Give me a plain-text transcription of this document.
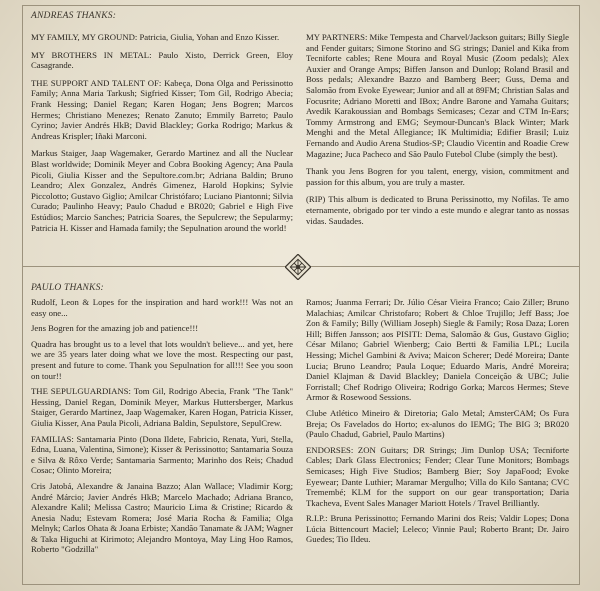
ANDREAS THANKS:

MY FAMILY, MY GROUND: Patricia, Giulia, Yohan and Enzo Kisser.

MY BROTHERS IN METAL: Paulo Xisto, Derrick Green, Eloy Casagrande.

THE SUPPORT AND TALENT OF: Kabeça, Dona Olga and Perissinotto Family; Anna Maria Tarkush; Sigfried Kisser; Tom Gil, Rodrigo Abecia; Frank Hessing; Daniel Regan; Karen Hogan; Jens Bogren; Marcos Hermes; Christiano Menezes; Renato Zanuto; Emmily Barreto; Paulo Cyrino; Javier Andrés HkB; David Blackley; Gorka Rodrigo; Markus & Andreas Krispler; Iñaki Marconi.

Markus Staiger, Jaap Wagemaker, Gerardo Martinez and all the Nuclear Blast worldwide; Dominik Meyer and Cobra Booking Agency; Ana Paula Picoli, Giulia Kisser and the Sepultore.com.br; Adriana Baldin; Bruno Leandro; Alex Gonzalez, Andrés Gimenez, Harold Hopkins; Sylvie Piccolotto; Gustavo Giglio; Amilcar Christófaro; Luciano Piantonni; Silvia Curado; Paulinho Heavy; Paulo Chadud e BR020; Gabriel e High Five Estúdios; Marcio Sanches; Patricia Soares, the Sepulcrew; the Sepularmy; Patricia H. Kisser and Hamada family; the Sepulnation around the world!

MY PARTNERS: Mike Tempesta and Charvel/Jackson guitars; Billy Siegle and Fender guitars; Simone Storino and SG strings; Daniel and Kika from Tecniforte cables; Rene Moura and Royal Music (Zoom pedals); Alex Auxier and Orange Amps; Biffen Janson and Dunlop; Roland Brasil and Boss pedals; Alexandre Bazzo and Bamberg Beer; Guss, Dema and Salomão from Evoke Eyewear; Junior and all at 89FM; Christian Salas and Focusrite; Adriano Moretti and IBox; Andre Barone and Yamaha Guitars; Avedik Karakoussian and Bombags Semicases; Cezar and CTM In-Ears; Tommy Armstrong and EMG; Seymour-Duncan's Black Winter; Mark Menghi and the Metal Allegiance; IK Multimidia; Edifier Brasil; Luiz Fernando and Audio Arena Studios-SP; Claudio Vicentin and Roadie Crew Magazine; Juca Pacheco and São Paulo Futebol Clube (simply the best).

Thank you Jens Bogren for you talent, energy, vision, commitment and passion for this album, you are truly a master.

(RIP) This album is dedicated to Bruna Perissinotto, my Nofilas. Te amo eternamente, obrigado por ter vindo a este mundo e alegrar tanto as nossas vidas. Saudades.

PAULO THANKS:

Rudolf, Leon & Lopes for the inspiration and hard work!!! Was not an easy one...

Jens Bogren for the amazing job and patience!!!

Quadra has brought us to a level that lots wouldn't believe... and yet, here we are 35 years later doing what we love the most. Respecting our past, present and future to come. Thank you Sepulnation for all!!! See you soon on tour!!

THE SEPULGUARDIANS: Tom Gil, Rodrigo Abecia, Frank "The Tank" Hessing, Daniel Regan, Dominik Meyer, Markus Huttersberger, Markus Staiger, Gerardo Martinez, Jaap Wagemaker, Karen Hogan, Patricia Kisser, Giulia Kisser, Ana Paula Picoli, Adriana Baldin, Sepulstore, SepulCrew.

FAMILIAS: Santamaria Pinto (Dona Ildete, Fabricio, Renata, Yuri, Stella, Edna, Luana, Valentina, Simone); Kisser & Perissinotto; Santamaria Souza e Silva & Rôxo Verde; Santamaria Sarmento; Marinho dos Reis; Chadud Cosac; Olinto Moreira;

Cris Jatobá, Alexandre & Janaina Bazzo; Alan Wallace; Vladimir Korg; André Márcio; Javier Andrés HkB; Marcelo Machado; Adriana Branco, Alexandre Kalil; Melissa Castro; Mauricio Lima & Cristine; Ricardo & Anesia Nadu; Estevam Romera; José Maria Rocha & Familia; Olga Melnyk; Carlos Ohata & Joana Erbiste; Xandão Tanamate & JAM; Wagner & Taka Higuchi at Kirimoto; Alejandro Montoya, May Ling Hoo Ramos, Roberto "Godzilla"

Ramos; Juanma Ferrari; Dr. Júlio César Vieira Franco; Caio Ziller; Bruno Malachias; Amilcar Christofaro; Robert & Chloe Trujillo; Jeff Bass; Joe Zon & Family; Billy (William Joseph) Siegle & Family; Rosa Daza; Loren Hill; Biffen Jansson; aos PISITI: Dema, Salomão & Gus, Gustavo Giglio; César Milano; Gabriel Wienberg; Caio Bertti & Familia LPL; Lucila Hessing; Michel Gambini & Aviva; Maicon Scherer; Dedé Moreira; Dante Lucia; Bruno Leandro; Paula Loque; Eduardo Maris, André Moreira; Daniel Klajman & David Blackley; Daniela Conceição & UBC; Julie Forristall; Chef Rodrigo Oliveira; Rodrigo Gorka; Marcos Hermes; Steve Armor & Rosewood Sessions.

Clube Atlético Mineiro & Diretoria; Galo Metal; AmsterCAM; Os Fura Breja; Os Favelados do Horto; ex-alunos do IEMG; The BIG 3; BR020 (Paulo Chadud, Gabriel, Paulo Martins)

ENDORSES: ZON Guitars; DR Strings; Jim Dunlop USA; Tecniforte Cables; Dark Glass Electronics; Fender; Clear Tune Monitors; Bombags Semicases; High Five Studios; Bamberg Bier; Soy JapaFood; Evoke Eyewear; Dante Luthier; Maramar Mergulho; Villa do Kilo Santana; CVC Tremembé; KLM for the support on our gear transportation; Daria Tkacheva, Event Sales Manager Mariott Hotels / Travel Brilliantly.

R.I.P.: Bruna Perissinotto; Fernando Marini dos Reis; Valdir Lopes; Dona Lúcia Bittencourt Maciel; Leleco; Vinnie Paul; Roberto Brant; Dr. Jairo Guedes; Tio Ildeu.
